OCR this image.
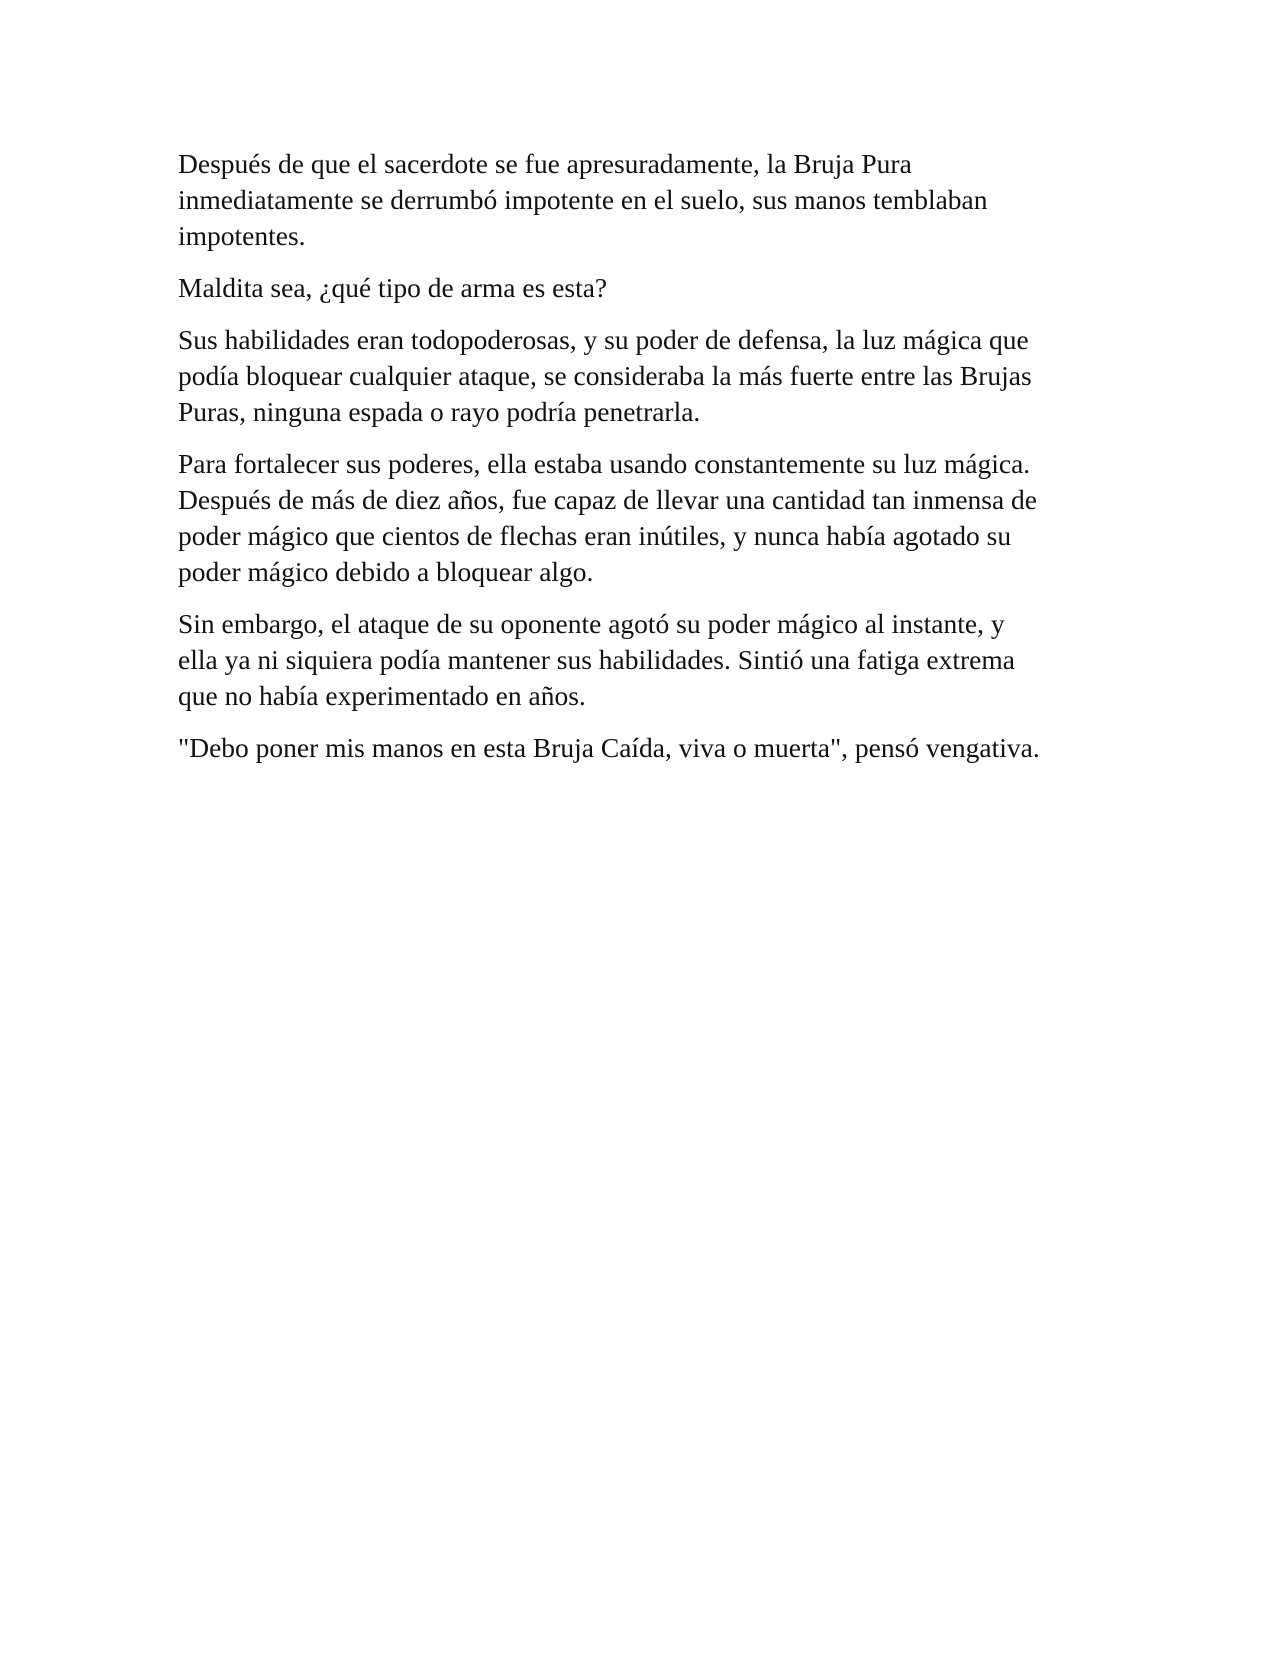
Después de que el sacerdote se fue apresuradamente, la Bruja Pura
inmediatamente se derrumbó impotente en el suelo, sus manos temblaban
impotentes.

Maldita sea, ¿qué tipo de arma es esta?

Sus habilidades eran todopoderosas, y su poder de defensa, la luz mágica que
podía bloquear cualquier ataque, se consideraba la más fuerte entre las Brujas
Puras, ninguna espada o rayo podría penetrarla.

Para fortalecer sus poderes, ella estaba usando constantemente su luz mágica.
Después de más de diez años, fue capaz de llevar una cantidad tan inmensa de
poder mágico que cientos de flechas eran inútiles, y nunca había agotado su
poder mágico debido a bloquear algo.

Sin embargo, el ataque de su oponente agotó su poder mágico al instante, y
ella ya ni siquiera podía mantener sus habilidades. Sintió una fatiga extrema
que no había experimentado en años.

"Debo poner mis manos en esta Bruja Caída, viva o muerta", pensó vengativa.
